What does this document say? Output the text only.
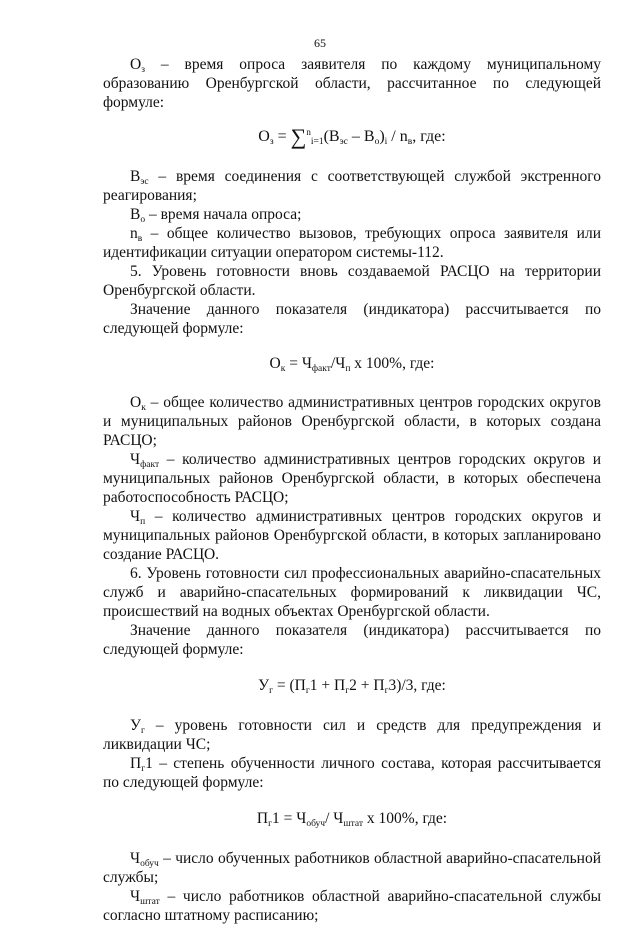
65

$O_з$ – время опроса заявителя по каждому муниципальному образованию Оренбургской области, рассчитанное по следующей формуле:

$O_з = \sum^n_{i=1}(B_{эс} - B_о)_i / n_в$, где:

$B_{эс}$ – время соединения с соответствующей службой экстренного реагирования;

$B_o$ – время начала опроса;

$n_в$ – общее количество вызовов, требующих опроса заявителя или идентификации ситуации оператором системы-112.

5. Уровень готовности вновь создаваемой РАСЦО на территории Оренбургской области.

Значение данного показателя (индикатора) рассчитывается по следующей формуле:

$O_к = Ч_{факт}/Ч_п$ х 100%, где:

$O_к$ – общее количество административных центров городских округов и муниципальных районов Оренбургской области, в которых создана РАСЦО;

$Ч_{факт}$ – количество административных центров городских округов и муниципальных районов Оренбургской области, в которых обеспечена работоспособность РАСЦО;

$Ч_п$ – количество административных центров городских округов и муниципальных районов Оренбургской области, в которых запланировано создание РАСЦО.

6. Уровень готовности сил профессиональных аварийно-спасательных служб и аварийно-спасательных формирований к ликвидации ЧС, происшествий на водных объектах Оренбургской области.

Значение данного показателя (индикатора) рассчитывается по следующей формуле:

$У_г = (П_г1 + П_г2 + П_г3)/3$, где:

$У_г$ – уровень готовности сил и средств для предупреждения и ликвидации ЧС;

$П_г1$ – степень обученности личного состава, которая рассчитывается по следующей формуле:

$П_г1 = Ч_{обуч}/$ $Ч_{штат}$ х 100%, где:

$Ч_{обуч}$ – число обученных работников областной аварийно-спасательной службы;

$Ч_{штат}$ – число работников областной аварийно-спасательной службы согласно штатному расписанию;
